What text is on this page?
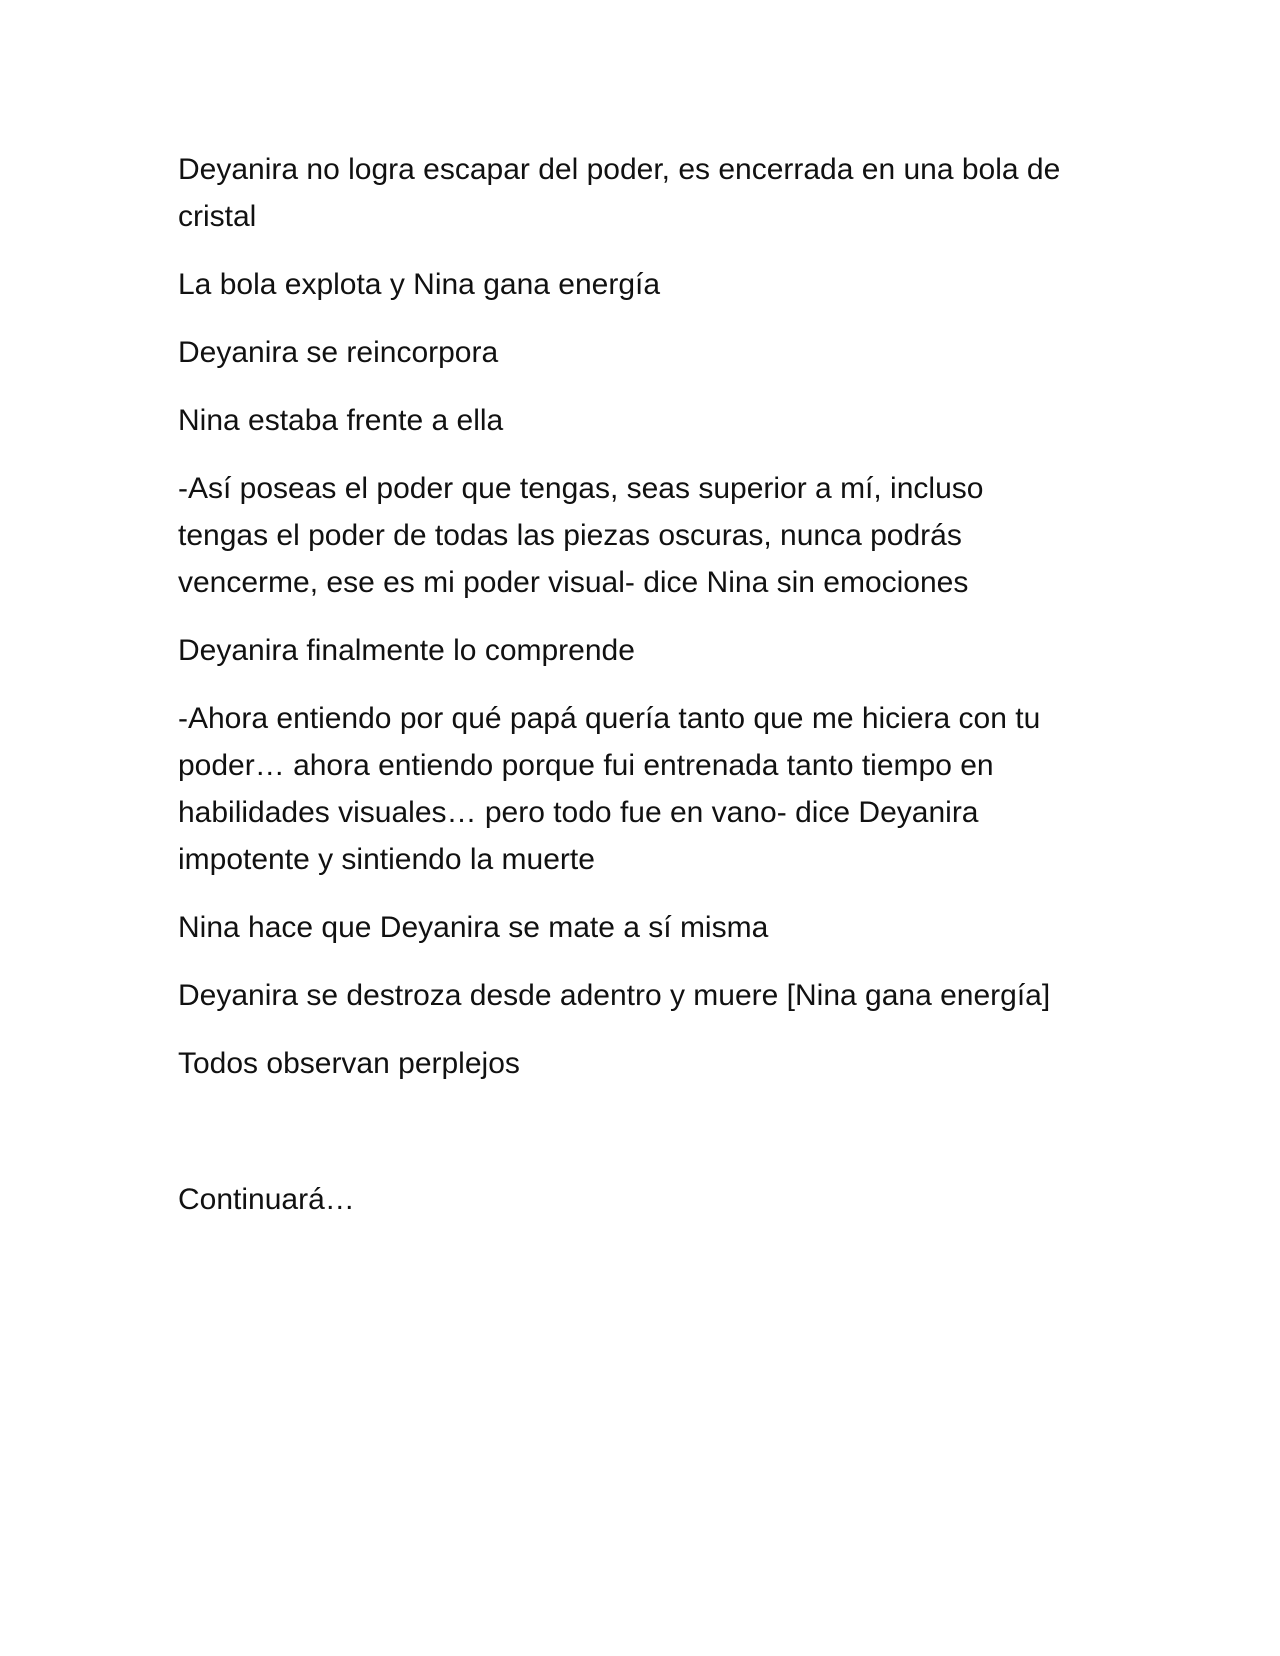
Deyanira no logra escapar del poder, es encerrada en una bola de cristal

La bola explota y Nina gana energía

Deyanira se reincorpora

Nina estaba frente a ella

-Así poseas el poder que tengas, seas superior a mí, incluso tengas el poder de todas las piezas oscuras, nunca podrás vencerme, ese es mi poder visual- dice Nina sin emociones

Deyanira finalmente lo comprende

-Ahora entiendo por qué papá quería tanto que me hiciera con tu poder… ahora entiendo porque fui entrenada tanto tiempo en habilidades visuales… pero todo fue en vano- dice Deyanira impotente y sintiendo la muerte

Nina hace que Deyanira se mate a sí misma

Deyanira se destroza desde adentro y muere [Nina gana energía]

Todos observan perplejos

Continuará…
